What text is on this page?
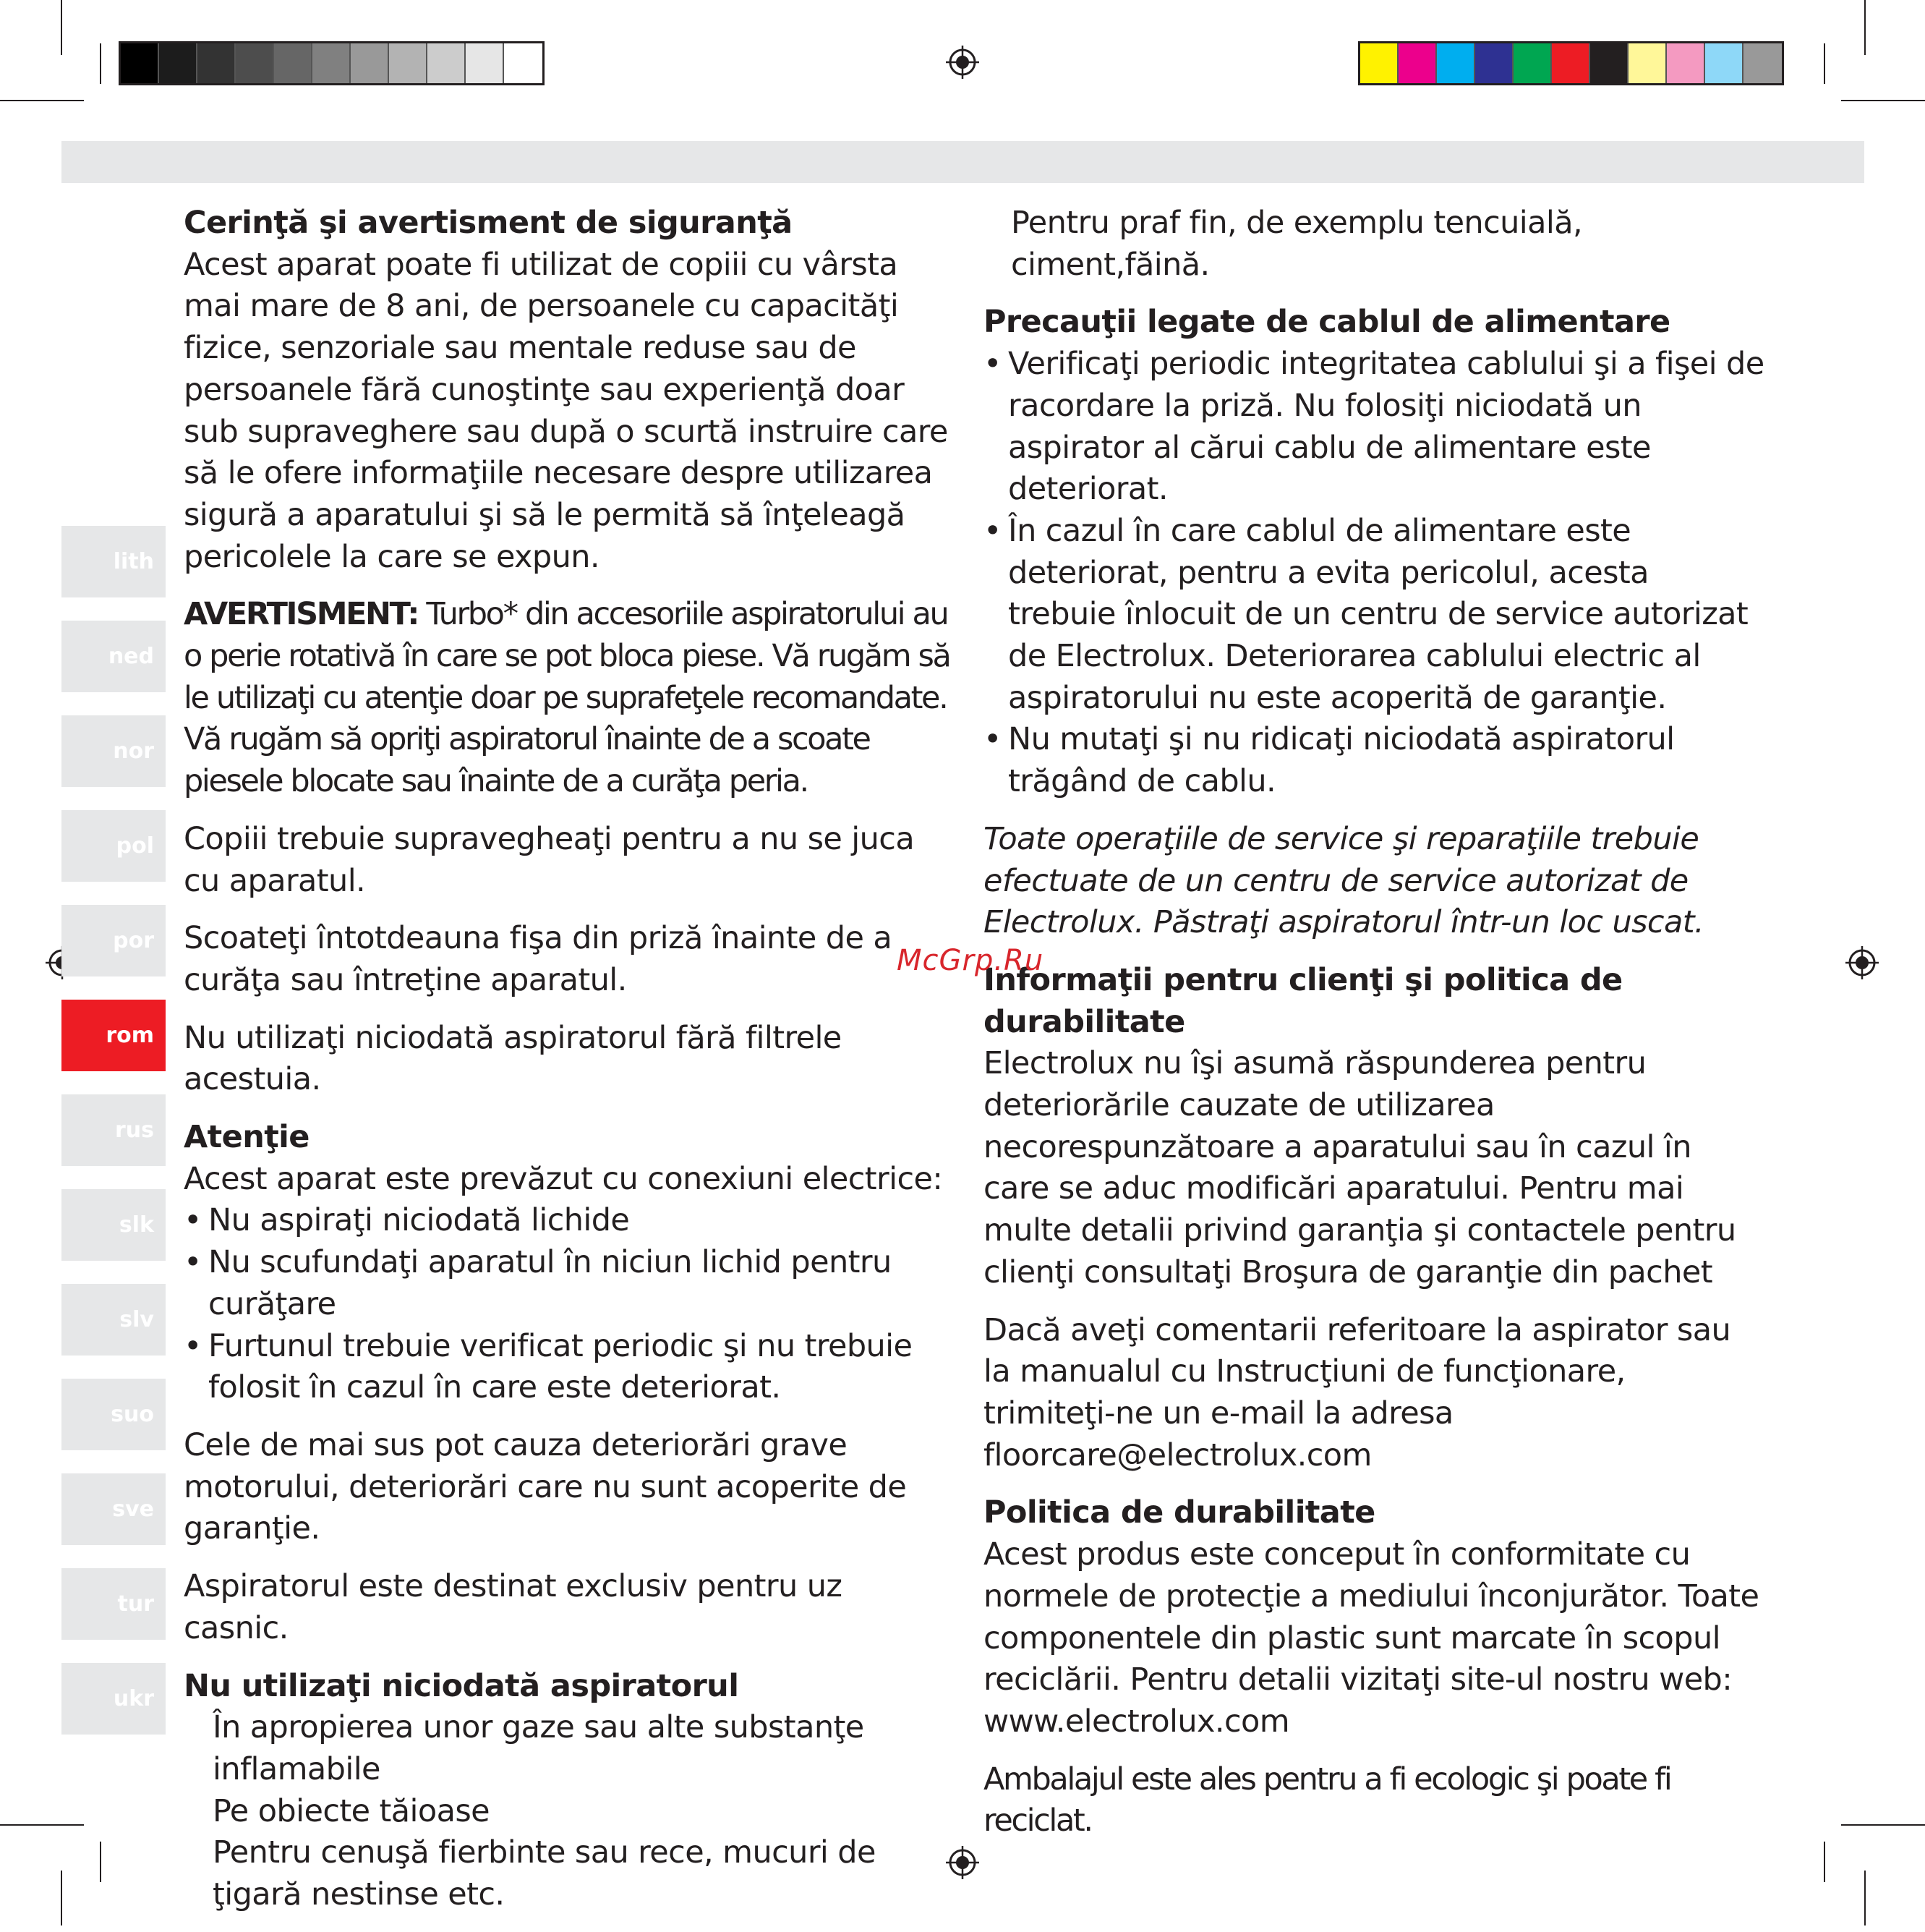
lith
ned
nor
pol
por
rom
rus
slk
slv
suo
sve
tur
ukr
Cerinţă şi avertisment de siguranţă

Acest aparat poate fi utilizat de copiii cu vârsta mai mare de 8 ani, de persoanele cu capacităţi fizice, senzoriale sau mentale reduse sau de persoanele fără cunoştinţe sau experienţă doar sub supraveghere sau după o scurtă instruire care să le ofere informaţiile necesare despre utilizarea sigură a aparatului şi să le permită să înţeleagă pericolele la care se expun.

AVERTISMENT: Turbo* din accesoriile aspiratorului au o perie rotativă în care se pot bloca piese. Vă rugăm să le utilizaţi cu atenţie doar pe suprafeţele recomandate. Vă rugăm să opriţi aspiratorul înainte de a scoate piesele blocate sau înainte de a curăţa peria.

Copiii trebuie supravegheaţi pentru a nu se juca cu aparatul.

Scoateţi întotdeauna fişa din priză înainte de a curăţa sau întreţine aparatul.

Nu utilizaţi niciodată aspiratorul fără filtrele acestuia.

Atenţie
Acest aparat este prevăzut cu conexiuni electrice:
• Nu aspiraţi niciodată lichide
• Nu scufundaţi aparatul în niciun lichid pentru curăţare
• Furtunul trebuie verificat periodic şi nu trebuie folosit în cazul în care este deteriorat.

Cele de mai sus pot cauza deteriorări grave motorului, deteriorări care nu sunt acoperite de garanţie.

Aspiratorul este destinat exclusiv pentru uz casnic.

Nu utilizaţi niciodată aspiratorul
În apropierea unor gaze sau alte substanţe inflamabile
Pe obiecte tăioase
Pentru cenuşă fierbinte sau rece, mucuri de ţigară nestinse etc.

Pentru praf fin, de exemplu tencuială, ciment,făină.

Precauţii legate de cablul de alimentare
• Verificaţi periodic integritatea cablului şi a fişei de racordare la priză. Nu folosiţi niciodată un aspirator al cărui cablu de alimentare este deteriorat.
• În cazul în care cablul de alimentare este deteriorat, pentru a evita pericolul, acesta trebuie înlocuit de un centru de service autorizat de Electrolux. Deteriorarea cablului electric al aspiratorului nu este acoperită de garanţie.
• Nu mutaţi şi nu ridicaţi niciodată aspiratorul trăgând de cablu.

Toate operaţiile de service şi reparaţiile trebuie efectuate de un centru de service autorizat de Electrolux. Păstraţi aspiratorul într-un loc uscat.

Informaţii pentru clienţi şi politica de durabilitate

Electrolux nu îşi asumă răspunderea pentru deteriorările cauzate de utilizarea necorespunzătoare a aparatului sau în cazul în care se aduc modificări aparatului. Pentru mai multe detalii privind garanţia şi contactele pentru clienţi consultaţi Broşura de garanţie din pachet

Dacă aveţi comentarii referitoare la aspirator sau la manualul cu Instrucţiuni de funcţionare, trimiteţi-ne un e-mail la adresa floorcare@electrolux.com

Politica de durabilitate

Acest produs este conceput în conformitate cu normele de protecţie a mediului înconjurător. Toate componentele din plastic sunt marcate în scopul reciclării. Pentru detalii vizitaţi site-ul nostru web: www.electrolux.com

Ambalajul este ales pentru a fi ecologic şi poate fi reciclat.

McGrp.Ru
